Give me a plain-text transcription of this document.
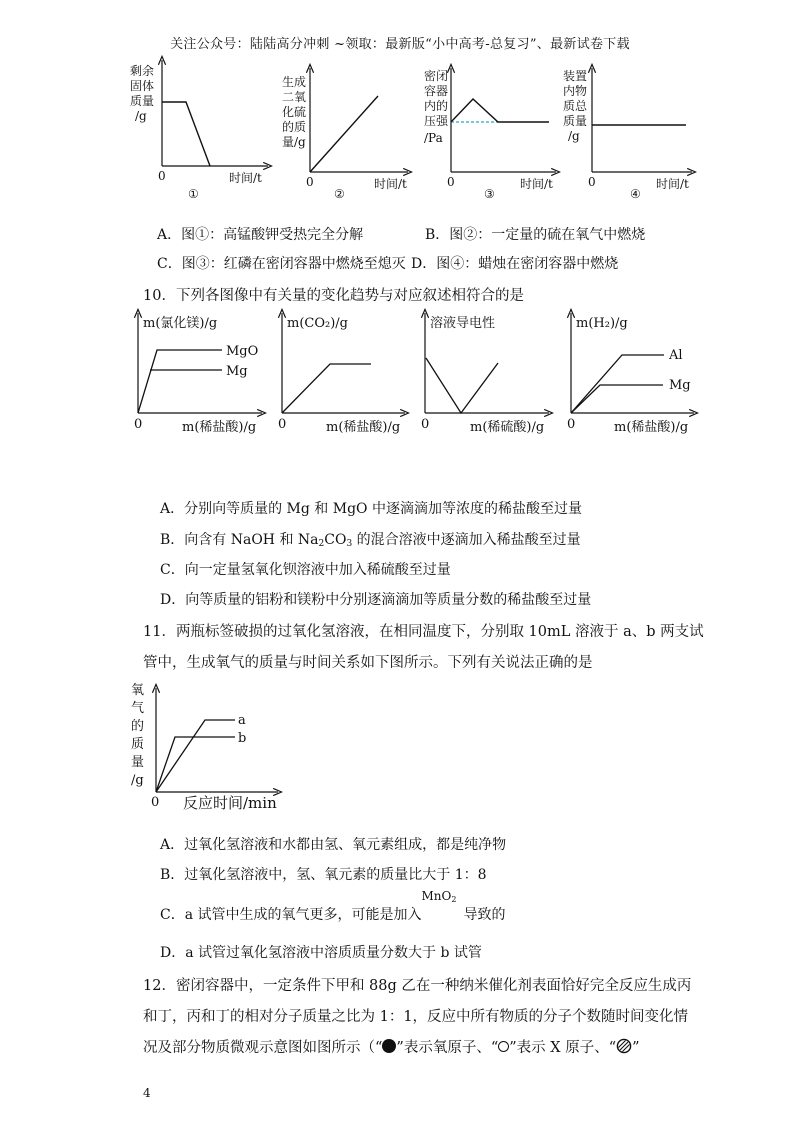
关注公众号：陆陆高分冲刺 ~领取：最新版“小中高考-总复习”、最新试卷下载
剩余
固体
质量
/g
0	时间/t
①
生成
二氧
化硫
的质
量/g
0	时间/t
②
密闭
容器
内的
压强
/Pa
0	时间/t
③
装置
内物
质总
质量
/g
0	时间/t
④
A．图①：高锰酸钾受热完全分解	B．图②：一定量的硫在氧气中燃烧
C．图③：红磷在密闭容器中燃烧至熄灭 D．图④：蜡烛在密闭容器中燃烧
10．下列各图像中有关量的变化趋势与对应叙述相符合的是
m(氯化镁)/g
MgO
Mg
0	m(稀盐酸)/g
m(CO₂)/g
0	m(稀盐酸)/g
溶液导电性
0	m(稀硫酸)/g
m(H₂)/g
Al
Mg
0	m(稀盐酸)/g
A．分别向等质量的 Mg 和 MgO 中逐滴滴加等浓度的稀盐酸至过量
B．向含有 NaOH 和 $Na_2CO_3$ 的混合溶液中逐滴加入稀盐酸至过量
C．向一定量氢氧化钡溶液中加入稀硫酸至过量
D．向等质量的铝粉和镁粉中分别逐滴滴加等质量分数的稀盐酸至过量
11．两瓶标签破损的过氧化氢溶液，在相同温度下，分别取 10mL 溶液于 a、b 两支试
管中，生成氧气的质量与时间关系如下图所示。下列有关说法正确的是
a
b
氧
气
的
质
量
/g
0 反应时间/min
A．过氧化氢溶液和水都由氢、氧元素组成，都是纯净物
B．过氧化氢溶液中，氢、氧元素的质量比大于 1：8
C．a 试管中生成的氧气更多，可能是加入
MnO2
导致的
D．a 试管过氧化氢溶液中溶质质量分数大于 b 试管
12．密闭容器中，一定条件下甲和 88g 乙在一种纳米催化剂表面恰好完全反应生成丙
和丁，丙和丁的相对分子质量之比为 1：1，反应中所有物质的分子个数随时间变化情
况及部分物质微观示意图如图所示（“ ”表示氧原子、“ ”表示 X 原子、“ ”
4
